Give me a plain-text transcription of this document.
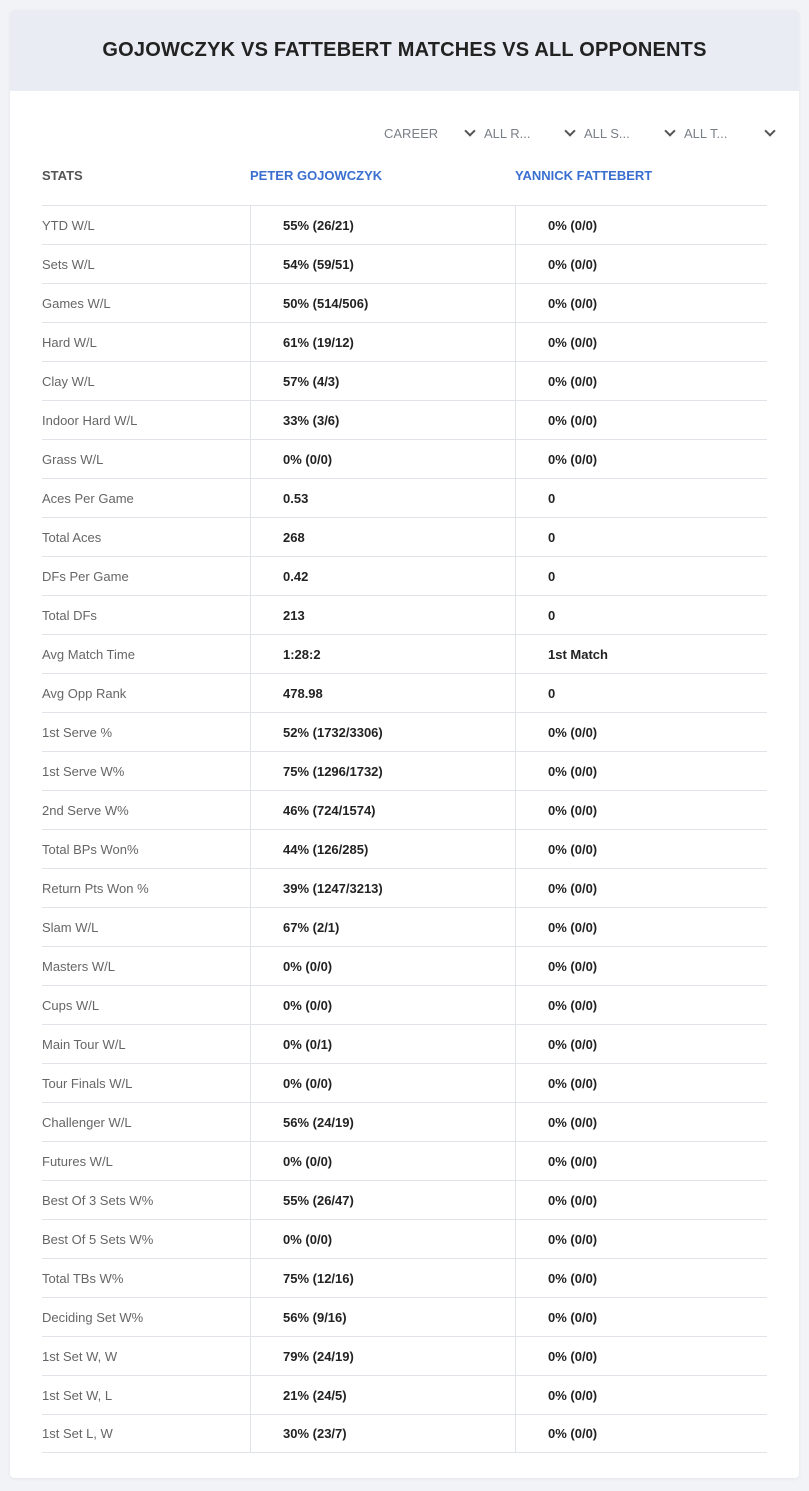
GOJOWCZYK VS FATTEBERT MATCHES VS ALL OPPONENTS
CAREER	ALL R...	ALL S...	ALL T...
STATS	PETER GOJOWCZYK	YANNICK FATTEBERT
YTD W/L	55% (26/21)	0% (0/0)
Sets W/L	54% (59/51)	0% (0/0)
Games W/L	50% (514/506)	0% (0/0)
Hard W/L	61% (19/12)	0% (0/0)
Clay W/L	57% (4/3)	0% (0/0)
Indoor Hard W/L	33% (3/6)	0% (0/0)
Grass W/L	0% (0/0)	0% (0/0)
Aces Per Game	0.53	0
Total Aces	268	0
DFs Per Game	0.42	0
Total DFs	213	0
Avg Match Time	1:28:2	1st Match
Avg Opp Rank	478.98	0
1st Serve %	52% (1732/3306)	0% (0/0)
1st Serve W%	75% (1296/1732)	0% (0/0)
2nd Serve W%	46% (724/1574)	0% (0/0)
Total BPs Won%	44% (126/285)	0% (0/0)
Return Pts Won %	39% (1247/3213)	0% (0/0)
Slam W/L	67% (2/1)	0% (0/0)
Masters W/L	0% (0/0)	0% (0/0)
Cups W/L	0% (0/0)	0% (0/0)
Main Tour W/L	0% (0/1)	0% (0/0)
Tour Finals W/L	0% (0/0)	0% (0/0)
Challenger W/L	56% (24/19)	0% (0/0)
Futures W/L	0% (0/0)	0% (0/0)
Best Of 3 Sets W%	55% (26/47)	0% (0/0)
Best Of 5 Sets W%	0% (0/0)	0% (0/0)
Total TBs W%	75% (12/16)	0% (0/0)
Deciding Set W%	56% (9/16)	0% (0/0)
1st Set W, W	79% (24/19)	0% (0/0)
1st Set W, L	21% (24/5)	0% (0/0)
1st Set L, W	30% (23/7)	0% (0/0)
